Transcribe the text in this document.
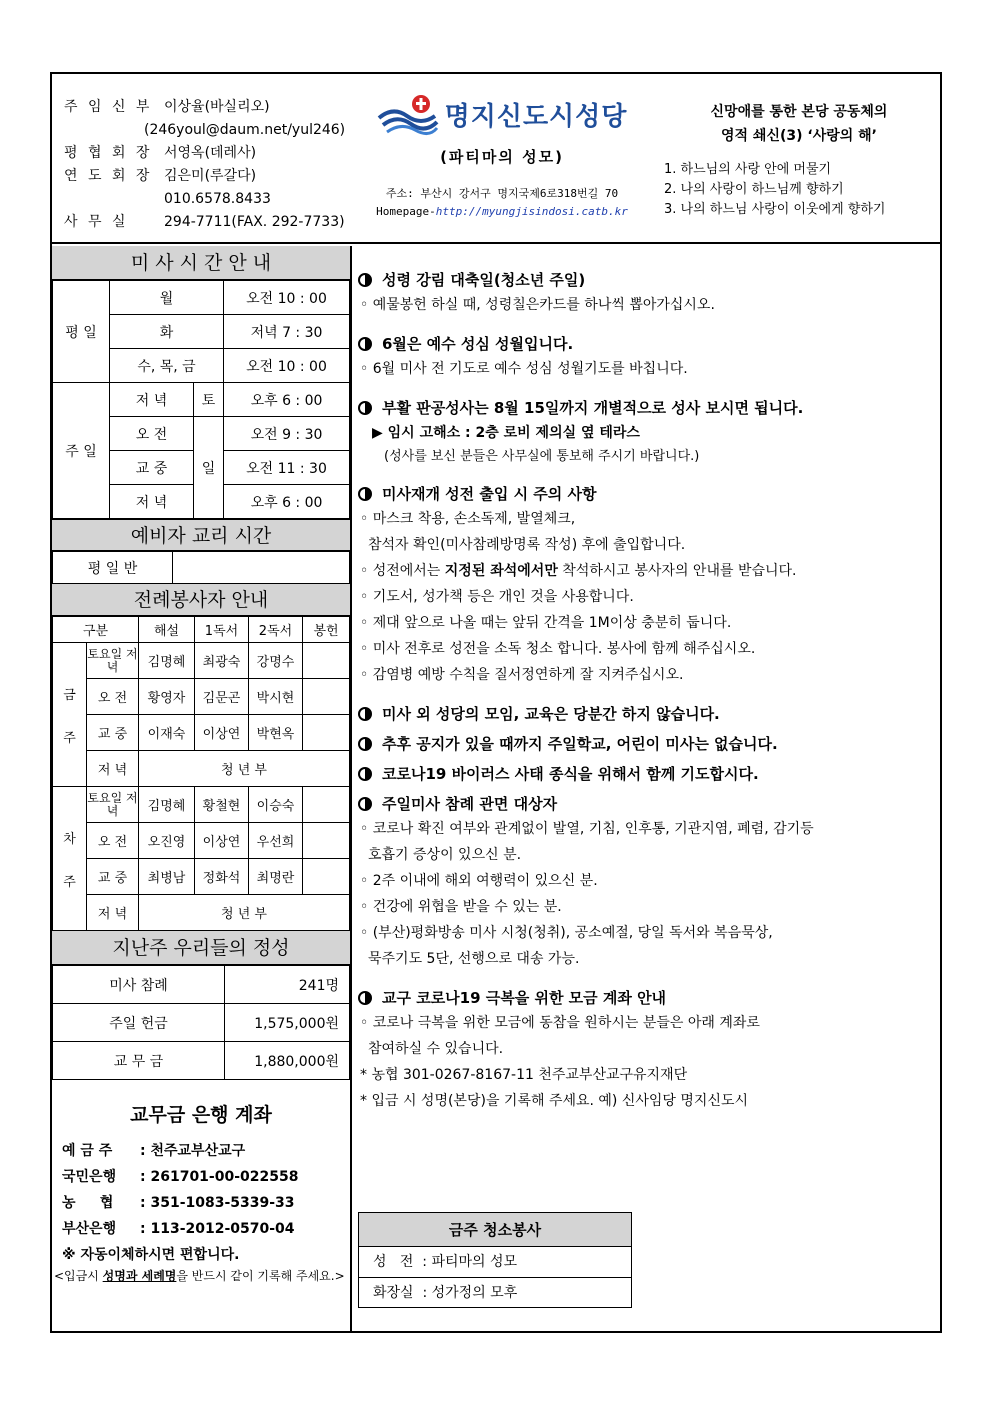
주 임 신 부 이상율(바실리오)
(246youl@daum.net/yul246)
평 협 회 장 서영옥(데레사)
연 도 회 장 김은미(루갈다)
010.6578.8433
사 무 실	294-7711(FAX. 292-7733)
명지신도시성당
(파티마의 성모)
주소: 부산시 강서구 명지국제6로318번길 70
Homepage-http://myungjisindosi.catb.kr
신망애를 통한 본당 공동체의
영적 쇄신(3) ‘사랑의 해’
1. 하느님의 사랑 안에 머물기
2. 나의 사랑이 하느님께 향하기
3. 나의 하느님 사랑이 이웃에게 향하기
미 사 시 간 안 내
평 일	월		오전 10 : 00
	화		저녁 7 : 30
	수, 목, 금		오전 10 : 00
주 일	저 녁	토	오후 6 : 00
	오 전	일	오전 9 : 30
	교 중		오전 11 : 30
	저 녁		오후 6 : 00
예비자 교리 시간
평 일 반	
전례봉사자 안내
구분		해설	1독서	2독서	봉헌

금
주	토요일 저 녁	김명혜	최광숙	강명수	
	오 전	황영자	김문곤	박시현	
	교 중	이재숙	이상연	박현옥	
	저 녁	청 년 부			

차
주	토요일 저 녁	김명혜	황철현	이승숙	
	오 전	오진영	이상연	우선희	
	교 중	최병남	정화석	최명란	
	저 녁	청 년 부			
지난주 우리들의 정성
미사 참례	241명
주일 헌금	1,575,000원
교 무 금	1,880,000원
교무금 은행 계좌
예 금 주 : 천주교부산교구
국민은행 : 261701-00-022558
농     협 : 351-1083-5339-33
부산은행 : 113-2012-0570-04
※ 자동이체하시면 편합니다.
<입금시 성명과 세례명을 반드시 같이 기록해 주세요.>
성령 강림 대축일(청소년 주일)
◦ 예물봉헌 하실 때, 성령칠은카드를 하나씩 뽑아가십시오.
6월은 예수 성심 성월입니다.
◦ 6월 미사 전 기도로 예수 성심 성월기도를 바칩니다.
부활 판공성사는 8월 15일까지 개별적으로 성사 보시면 됩니다.
▶ 임시 고해소 : 2층 로비 제의실 옆 테라스
(성사를 보신 분들은 사무실에 통보해 주시기 바랍니다.)
미사재개 성전 출입 시 주의 사항
◦ 마스크 착용, 손소독제, 발열체크,
참석자 확인(미사참례방명록 작성) 후에 출입합니다.
◦ 성전에서는 지정된 좌석에서만 착석하시고 봉사자의 안내를 받습니다.
◦ 기도서, 성가책 등은 개인 것을 사용합니다.
◦ 제대 앞으로 나올 때는 앞뒤 간격을 1M이상 충분히 둡니다.
◦ 미사 전후로 성전을 소독 청소 합니다. 봉사에 함께 해주십시오.
◦ 감염병 예방 수칙을 질서정연하게 잘 지켜주십시오.
미사 외 성당의 모임, 교육은 당분간 하지 않습니다.
추후 공지가 있을 때까지 주일학교, 어린이 미사는 없습니다.
코로나19 바이러스 사태 종식을 위해서 함께 기도합시다.
주일미사 참례 관면 대상자
◦ 코로나 확진 여부와 관계없이 발열, 기침, 인후통, 기관지염, 폐렴, 감기등
호흡기 증상이 있으신 분.
◦ 2주 이내에 해외 여행력이 있으신 분.
◦ 건강에 위협을 받을 수 있는 분.
◦ (부산)평화방송 미사 시청(청취), 공소예절, 당일 독서와 복음묵상,
묵주기도 5단, 선행으로 대송 가능.
교구 코로나19 극복을 위한 모금 계좌 안내
◦ 코로나 극복을 위한 모금에 동참을 원하시는 분들은 아래 계좌로
참여하실 수 있습니다.
* 농협 301-0267-8167-11 천주교부산교구유지재단
* 입금 시 성명(본당)을 기록해 주세요. 예) 신사임당 명지신도시
금주 청소봉사
성   전  : 파티마의 성모
화장실  : 성가정의 모후
